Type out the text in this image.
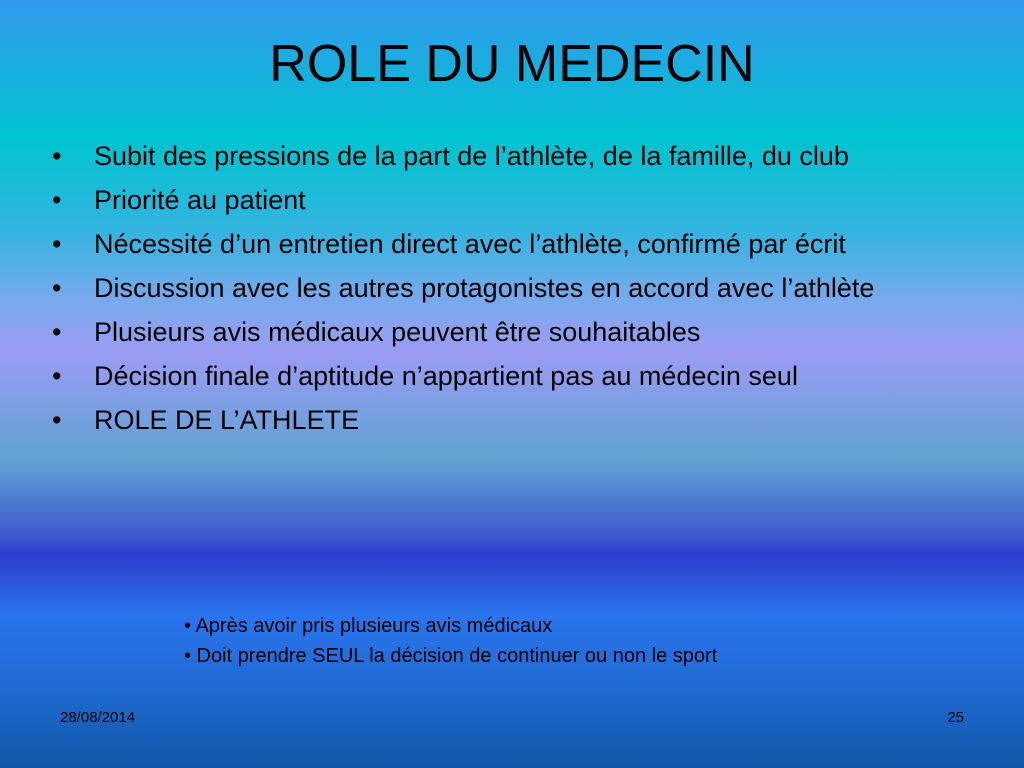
ROLE DU MEDECIN
• Subit des pressions de la part de l’athlète, de la famille, du club
• Priorité au patient
• Nécessité d’un entretien direct avec l’athlète, confirmé par écrit
• Discussion avec les autres protagonistes en accord avec l’athlète
• Plusieurs avis médicaux peuvent être souhaitables
• Décision finale d’aptitude n’appartient pas au médecin seul
• ROLE DE L’ATHLETE
• Après avoir pris plusieurs avis médicaux
• Doit prendre SEUL la décision de continuer ou non le sport
28/08/2014	25
